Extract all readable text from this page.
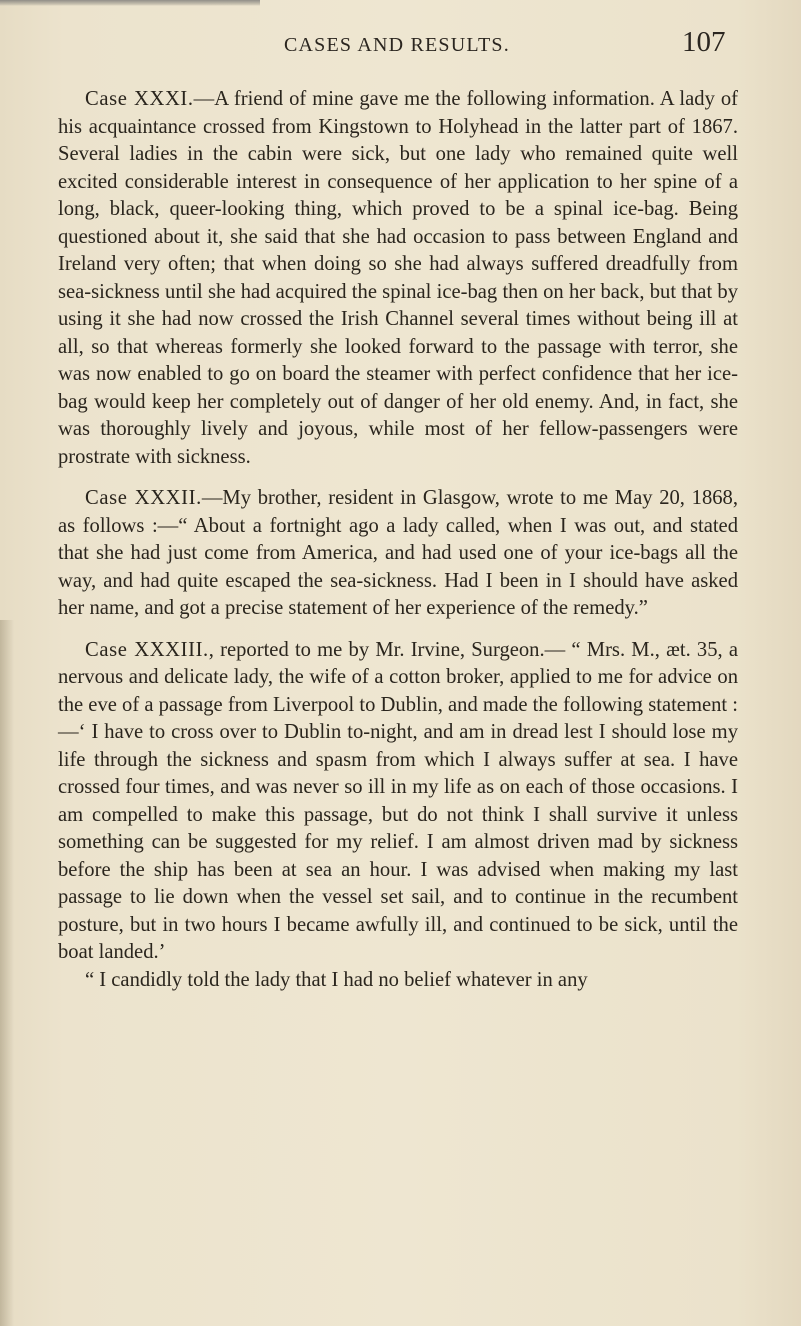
CASES AND RESULTS.	107

Case XXXI.—A friend of mine gave me the following information. A lady of his acquaintance crossed from Kingstown to Holyhead in the latter part of 1867. Several ladies in the cabin were sick, but one lady who remained quite well excited considerable interest in consequence of her application to her spine of a long, black, queer-looking thing, which proved to be a spinal ice-bag. Being questioned about it, she said that she had occasion to pass between England and Ireland very often; that when doing so she had always suffered dreadfully from sea-sickness until she had acquired the spinal ice-bag then on her back, but that by using it she had now crossed the Irish Channel several times without being ill at all, so that whereas formerly she looked forward to the passage with terror, she was now enabled to go on board the steamer with perfect confidence that her ice-bag would keep her completely out of danger of her old enemy. And, in fact, she was thoroughly lively and joyous, while most of her fellow-passengers were prostrate with sickness.

Case XXXII.—My brother, resident in Glasgow, wrote to me May 20, 1868, as follows :—“ About a fortnight ago a lady called, when I was out, and stated that she had just come from America, and had used one of your ice-bags all the way, and had quite escaped the sea-sickness. Had I been in I should have asked her name, and got a precise statement of her experience of the remedy.”

Case XXXIII., reported to me by Mr. Irvine, Surgeon.— “ Mrs. M., æt. 35, a nervous and delicate lady, the wife of a cotton broker, applied to me for advice on the eve of a passage from Liverpool to Dublin, and made the following statement :—‘ I have to cross over to Dublin to-night, and am in dread lest I should lose my life through the sickness and spasm from which I always suffer at sea. I have crossed four times, and was never so ill in my life as on each of those occasions. I am compelled to make this passage, but do not think I shall survive it unless something can be suggested for my relief. I am almost driven mad by sickness before the ship has been at sea an hour. I was advised when making my last passage to lie down when the vessel set sail, and to continue in the recumbent posture, but in two hours I became awfully ill, and continued to be sick, until the boat landed.’

“ I candidly told the lady that I had no belief whatever in any
